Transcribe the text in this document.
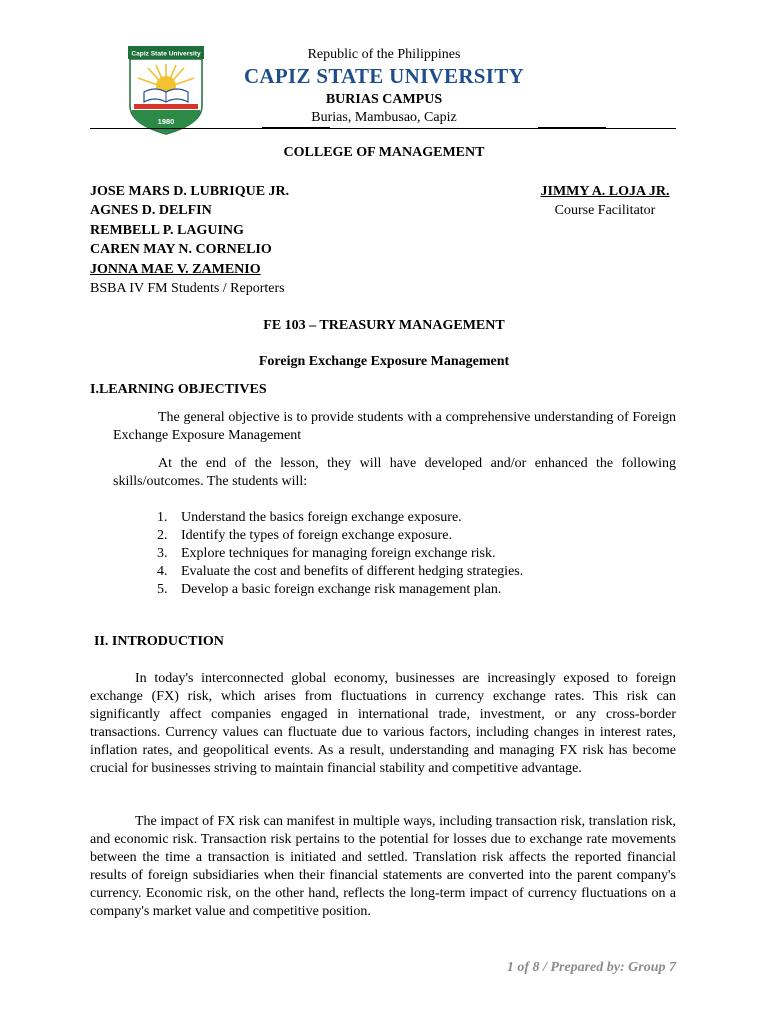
Capiz State University
1980
Republic of the Philippines
CAPIZ STATE UNIVERSITY
BURIAS CAMPUS
Burias, Mambusao, Capiz
COLLEGE OF MANAGEMENT
JOSE MARS D. LUBRIQUE JR.
AGNES D. DELFIN
REMBELL P. LAGUING
CAREN MAY N. CORNELIO
JONNA MAE V. ZAMENIO
BSBA IV FM Students / Reporters
JIMMY A. LOJA JR.
Course Facilitator
FE 103 – TREASURY MANAGEMENT
Foreign Exchange Exposure Management
I.LEARNING OBJECTIVES
The general objective is to provide students with a comprehensive understanding of Foreign Exchange Exposure Management
At the end of the lesson, they will have developed and/or enhanced the following skills/outcomes. The students will:
1. Understand the basics foreign exchange exposure.
2. Identify the types of foreign exchange exposure.
3. Explore techniques for managing foreign exchange risk.
4. Evaluate the cost and benefits of different hedging strategies.
5. Develop a basic foreign exchange risk management plan.
II. INTRODUCTION
In today's interconnected global economy, businesses are increasingly exposed to foreign exchange (FX) risk, which arises from fluctuations in currency exchange rates. This risk can significantly affect companies engaged in international trade, investment, or any cross-border transactions. Currency values can fluctuate due to various factors, including changes in interest rates, inflation rates, and geopolitical events. As a result, understanding and managing FX risk has become crucial for businesses striving to maintain financial stability and competitive advantage.
The impact of FX risk can manifest in multiple ways, including transaction risk, translation risk, and economic risk. Transaction risk pertains to the potential for losses due to exchange rate movements between the time a transaction is initiated and settled. Translation risk affects the reported financial results of foreign subsidiaries when their financial statements are converted into the parent company's currency. Economic risk, on the other hand, reflects the long-term impact of currency fluctuations on a company's market value and competitive position.
1 of 8 / Prepared by: Group 7
